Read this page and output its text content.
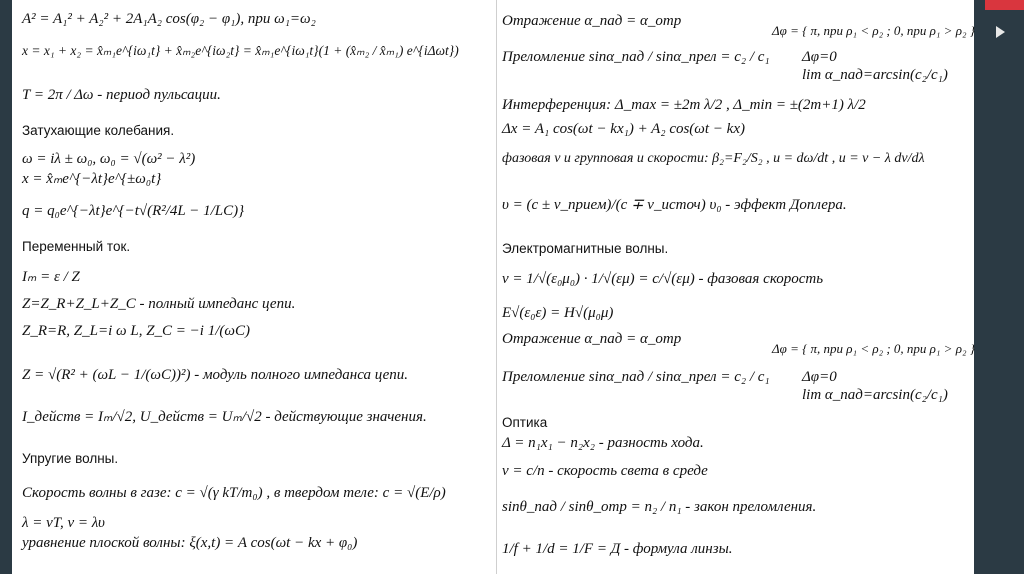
A² = A₁² + A₂² + 2A₁A₂ cos(φ₂ − φ₁), при ω₁=ω₂
x = x₁ + x₂ = x̂ₘ₁e^{iω₁t} + x̂ₘ₂e^{iω₂t} = x̂ₘ₁e^{iω₁t}(1 + (x̂ₘ₂ / x̂ₘ₁) e^{iΔωt})
T = 2π / Δω - период пульсации.
Затухающие колебания.
ω = iλ ± ω₀, ω₀ = √(ω² − λ²)
x = x̂ₘe^{−λt}e^{±ω₀t}
q = q₀e^{−λt}e^{−t√(R²/4L − 1/LC)}
Переменный ток.
Iₘ = ε / Z
Z=Z_R+Z_L+Z_C - полный импеданс цепи.
Z_R=R, Z_L=i ω L, Z_C = −i 1/(ωC)
Z = √(R² + (ωL − 1/(ωC))²) - модуль полного импеданса цепи.
I_действ = Iₘ/√2, U_действ = Uₘ/√2 - действующие значения.
Упругие волны.
Скорость волны в газе: c = √(γ kT/m₀) , в твердом теле: c = √(E/ρ)
λ = vT, v = λυ
уравнение плоской волны: ξ(x,t) = A cos(ωt − kx + φ₀)
Отражение α_пад = α_отр
Δφ = { π, при ρ₁ < ρ₂ ; 0, при ρ₁ > ρ₂ }
Преломление sinα_пад / sinα_прел = c₂ / c₁ Δφ=0
lim α_пад=arcsin(c₂/c₁)
Интерференция: Δ_max = ±2m λ/2 , Δ_min = ±(2m+1) λ/2
Δx = A₁ cos(ωt − kx₁) + A₂ cos(ωt − kx)
фазовая v и групповая u скорости: β₂=F₂/S₂ , u = dω/dt , u = v − λ dv/dλ
υ = (c ± v_прием)/(c ∓ v_источ) υ₀ - эффект Доплера.
Электромагнитные волны.
v = 1/√(ε₀μ₀) · 1/√(εμ) = c/√(εμ) - фазовая скорость
E√(ε₀ε) = H√(μ₀μ)
Отражение α_пад = α_отр
Δφ = { π, при ρ₁ < ρ₂ ; 0, при ρ₁ > ρ₂ }
Преломление sinα_пад / sinα_прел = c₂ / c₁ Δφ=0
lim α_пад=arcsin(c₂/c₁)
Оптика
Δ = n₁x₁ − n₂x₂ - разность хода.
v = c/n - скорость света в среде
sinθ_пад / sinθ_отр = n₂ / n₁ - закон преломления.
1/f + 1/d = 1/F = Д - формула линзы.
